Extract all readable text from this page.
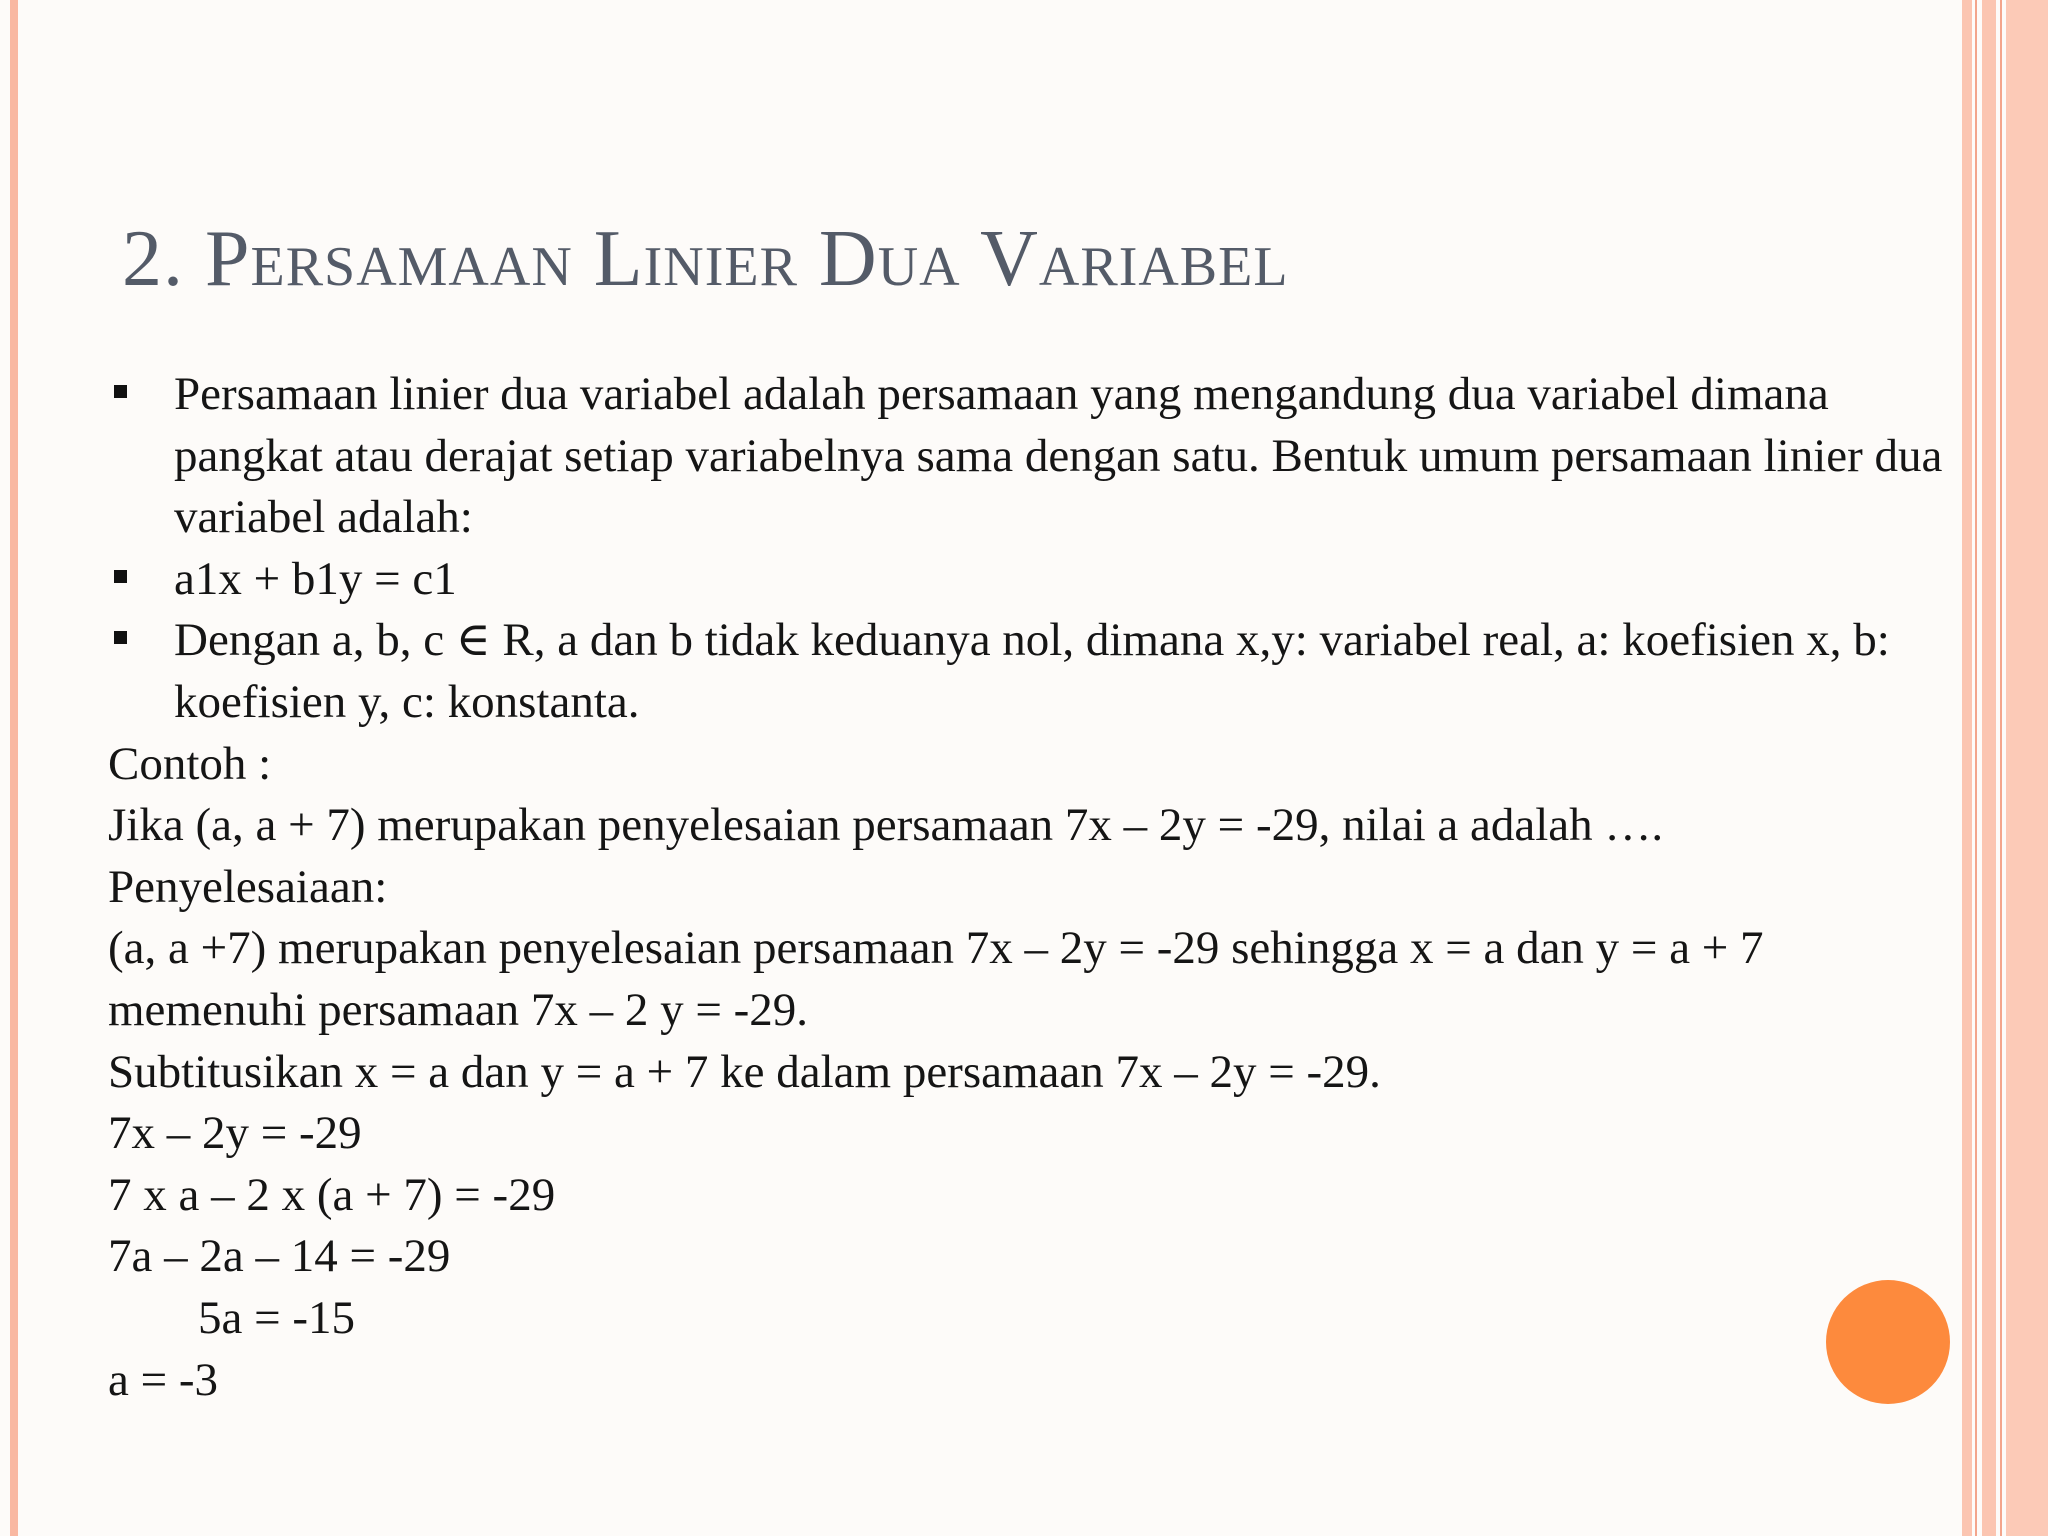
2. Persamaan Linier Dua Variabel
Persamaan linier dua variabel adalah persamaan yang mengandung dua variabel dimana pangkat atau derajat setiap variabelnya sama dengan satu. Bentuk umum persamaan linier dua variabel adalah:
a1x + b1y = c1
Dengan a, b, c ∈ R, a dan b tidak keduanya nol, dimana x,y: variabel real, a: koefisien x, b: koefisien y, c: konstanta.
Contoh :
Jika (a, a + 7) merupakan penyelesaian persamaan 7x – 2y = -29, nilai a adalah ….
Penyelesaiaan:
(a, a +7) merupakan penyelesaian persamaan 7x – 2y = -29 sehingga x = a dan y = a + 7 memenuhi persamaan 7x – 2 y = -29.
Subtitusikan x = a dan y = a + 7 ke dalam persamaan 7x – 2y = -29.
7x – 2y = -29
7 x a – 2 x (a + 7) = -29
7a – 2a – 14 = -29
5a = -15
a = -3
